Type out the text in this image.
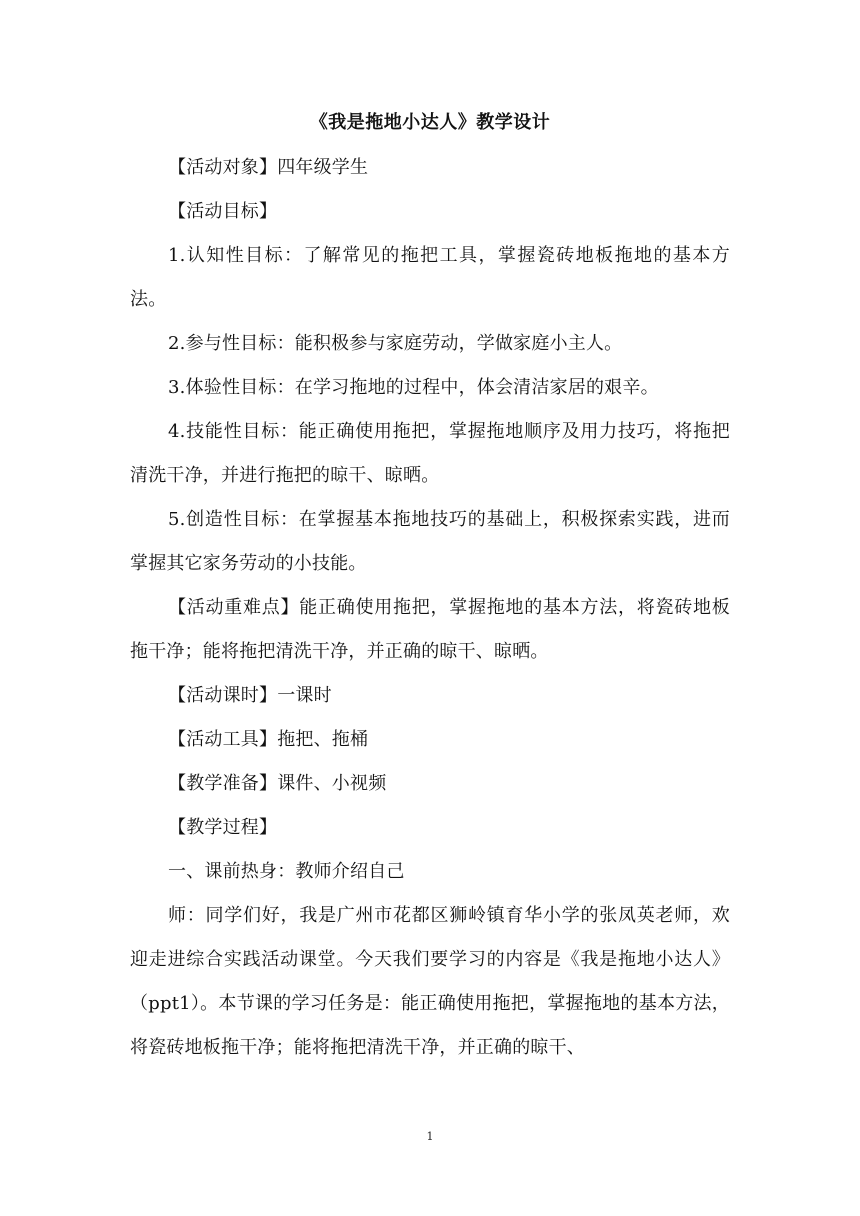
《我是拖地小达人》教学设计

【活动对象】四年级学生

【活动目标】

1.认知性目标：了解常见的拖把工具，掌握瓷砖地板拖地的基本方法。

2.参与性目标：能积极参与家庭劳动，学做家庭小主人。

3.体验性目标：在学习拖地的过程中，体会清洁家居的艰辛。

4.技能性目标：能正确使用拖把，掌握拖地顺序及用力技巧，将拖把清洗干净，并进行拖把的晾干、晾晒。

5.创造性目标：在掌握基本拖地技巧的基础上，积极探索实践，进而掌握其它家务劳动的小技能。

【活动重难点】能正确使用拖把，掌握拖地的基本方法，将瓷砖地板拖干净；能将拖把清洗干净，并正确的晾干、晾晒。

【活动课时】一课时

【活动工具】拖把、拖桶

【教学准备】课件、小视频

【教学过程】

一、课前热身：教师介绍自己

师：同学们好，我是广州市花都区狮岭镇育华小学的张凤英老师，欢迎走进综合实践活动课堂。今天我们要学习的内容是《我是拖地小达人》（ppt1）。本节课的学习任务是：能正确使用拖把，掌握拖地的基本方法，将瓷砖地板拖干净；能将拖把清洗干净，并正确的晾干、

1
